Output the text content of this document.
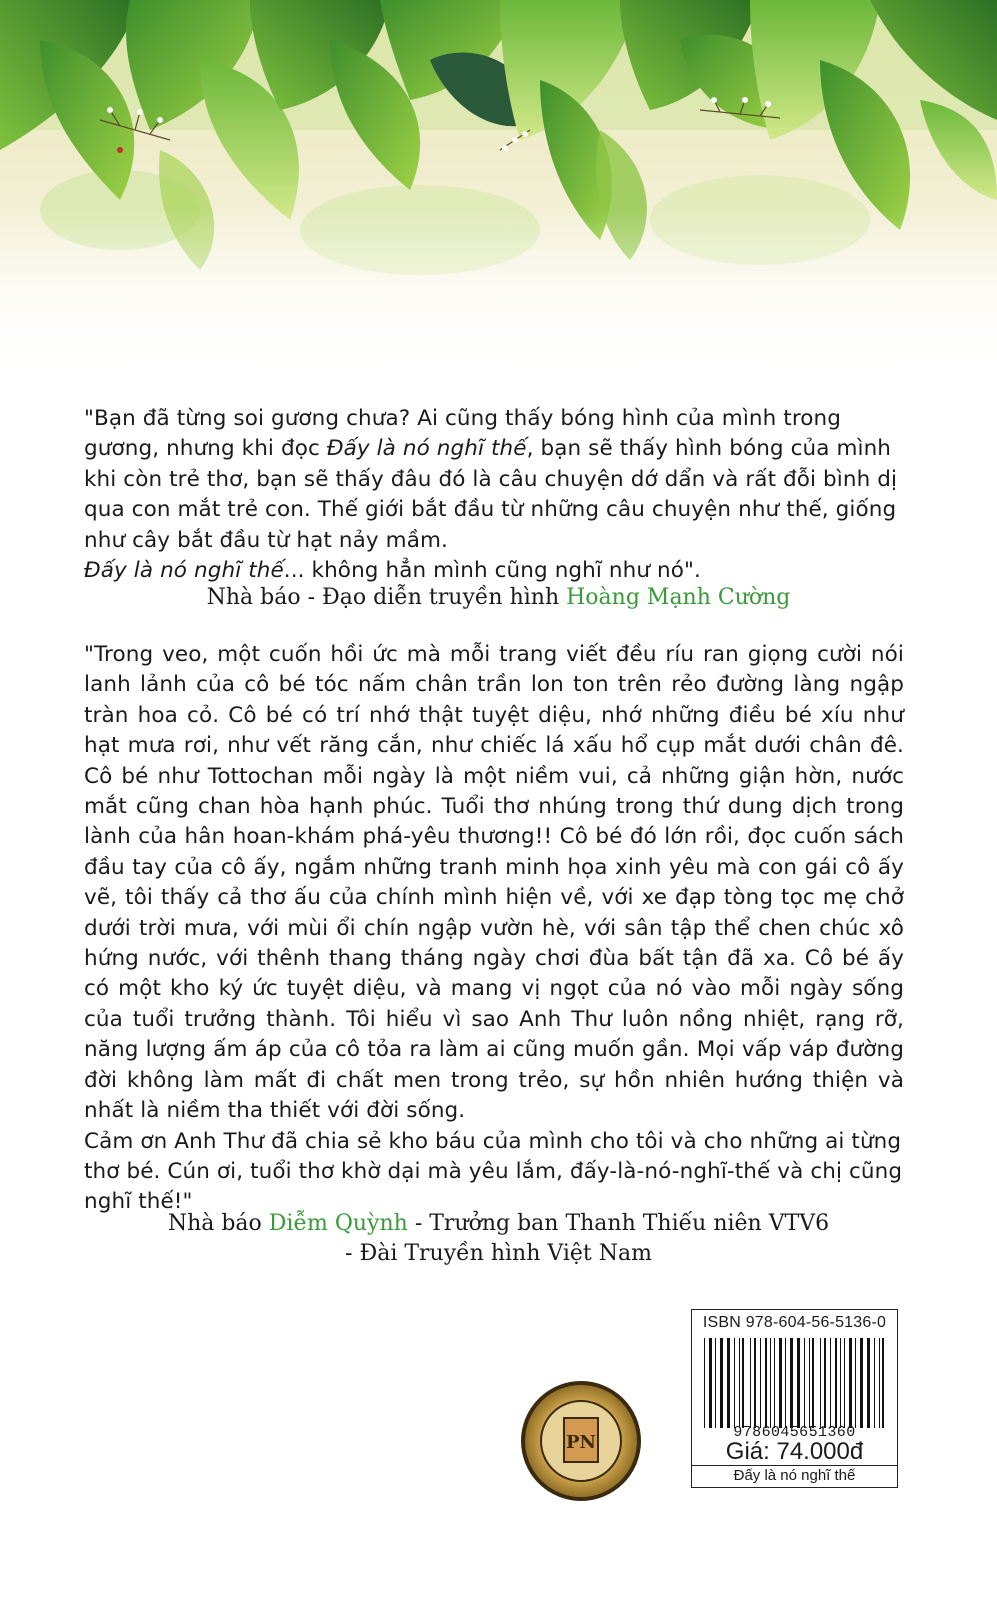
"Bạn đã từng soi gương chưa? Ai cũng thấy bóng hình của mình trong gương, nhưng khi đọc Đấy là nó nghĩ thế, bạn sẽ thấy hình bóng của mình khi còn trẻ thơ, bạn sẽ thấy đâu đó là câu chuyện dớ dẩn và rất đỗi bình dị qua con mắt trẻ con. Thế giới bắt đầu từ những câu chuyện như thế, giống như cây bắt đầu từ hạt nảy mầm.

Đấy là nó nghĩ thế... không hẳn mình cũng nghĩ như nó".

Nhà báo - Đạo diễn truyền hình Hoàng Mạnh Cường

"Trong veo, một cuốn hồi ức mà mỗi trang viết đều ríu ran giọng cười nói lanh lảnh của cô bé tóc nấm chân trần lon ton trên rẻo đường làng ngập tràn hoa cỏ. Cô bé có trí nhớ thật tuyệt diệu, nhớ những điều bé xíu như hạt mưa rơi, như vết răng cắn, như chiếc lá xấu hổ cụp mắt dưới chân đê. Cô bé như Tottochan mỗi ngày là một niềm vui, cả những giận hờn, nước mắt cũng chan hòa hạnh phúc. Tuổi thơ nhúng trong thứ dung dịch trong lành của hân hoan-khám phá-yêu thương!! Cô bé đó lớn rồi, đọc cuốn sách đầu tay của cô ấy, ngắm những tranh minh họa xinh yêu mà con gái cô ấy vẽ, tôi thấy cả thơ ấu của chính mình hiện về, với xe đạp tòng tọc mẹ chở dưới trời mưa, với mùi ổi chín ngập vườn hè, với sân tập thể chen chúc xô hứng nước, với thênh thang tháng ngày chơi đùa bất tận đã xa. Cô bé ấy có một kho ký ức tuyệt diệu, và mang vị ngọt của nó vào mỗi ngày sống của tuổi trưởng thành. Tôi hiểu vì sao Anh Thư luôn nồng nhiệt, rạng rỡ, năng lượng ấm áp của cô tỏa ra làm ai cũng muốn gần. Mọi vấp váp đường đời không làm mất đi chất men trong trẻo, sự hồn nhiên hướng thiện và nhất là niềm tha thiết với đời sống.

Cảm ơn Anh Thư đã chia sẻ kho báu của mình cho tôi và cho những ai từng thơ bé. Cún ơi, tuổi thơ khờ dại mà yêu lắm, đấy-là-nó-nghĩ-thế và chị cũng nghĩ thế!"

Nhà báo Diễm Quỳnh - Trưởng ban Thanh Thiếu niên VTV6
- Đài Truyền hình Việt Nam
PN
ISBN 978-604-56-5136-0
9786045651360
Giá: 74.000đ
Đấy là nó nghĩ thế
